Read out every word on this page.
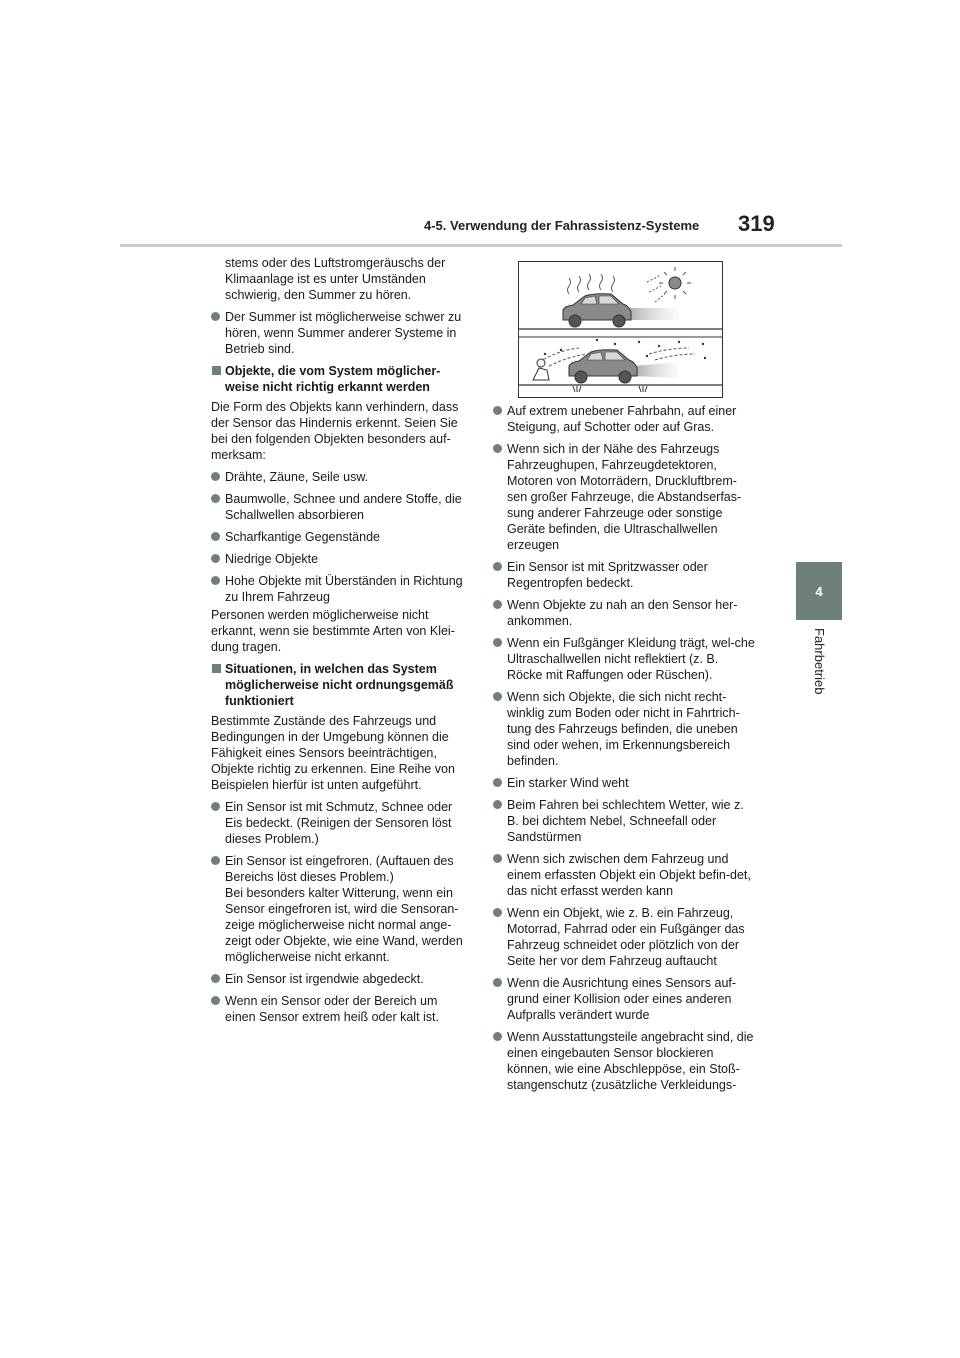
4-5. Verwendung der Fahrassistenz-Systeme 319
4
Fahrbetrieb
stems oder des Luftstromgeräuschs der Klimaanlage ist es unter Umständen schwierig, den Summer zu hören.
Der Summer ist möglicherweise schwer zu hören, wenn Summer anderer Systeme in Betrieb sind.
Objekte, die vom System möglicher-weise nicht richtig erkannt werden
Die Form des Objekts kann verhindern, dass der Sensor das Hindernis erkennt. Seien Sie bei den folgenden Objekten besonders auf-merksam:
Drähte, Zäune, Seile usw.
Baumwolle, Schnee und andere Stoffe, die Schallwellen absorbieren
Scharfkantige Gegenstände
Niedrige Objekte
Hohe Objekte mit Überständen in Richtung zu Ihrem Fahrzeug
Personen werden möglicherweise nicht erkannt, wenn sie bestimmte Arten von Klei-dung tragen.
Situationen, in welchen das System möglicherweise nicht ordnungsgemäß funktioniert
Bestimmte Zustände des Fahrzeugs und Bedingungen in der Umgebung können die Fähigkeit eines Sensors beeinträchtigen, Objekte richtig zu erkennen. Eine Reihe von Beispielen hierfür ist unten aufgeführt.
Ein Sensor ist mit Schmutz, Schnee oder Eis bedeckt. (Reinigen der Sensoren löst dieses Problem.)
Ein Sensor ist eingefroren. (Auftauen des Bereichs löst dieses Problem.)
Bei besonders kalter Witterung, wenn ein Sensor eingefroren ist, wird die Sensoran-zeige möglicherweise nicht normal ange-zeigt oder Objekte, wie eine Wand, werden möglicherweise nicht erkannt.
Ein Sensor ist irgendwie abgedeckt.
Wenn ein Sensor oder der Bereich um einen Sensor extrem heiß oder kalt ist.
Auf extrem unebener Fahrbahn, auf einer Steigung, auf Schotter oder auf Gras.
Wenn sich in der Nähe des Fahrzeugs Fahrzeughupen, Fahrzeugdetektoren, Motoren von Motorrädern, Druckluftbrem-sen großer Fahrzeuge, die Abstandserfas-sung anderer Fahrzeuge oder sonstige Geräte befinden, die Ultraschallwellen erzeugen
Ein Sensor ist mit Spritzwasser oder Regentropfen bedeckt.
Wenn Objekte zu nah an den Sensor her-ankommen.
Wenn ein Fußgänger Kleidung trägt, wel-che Ultraschallwellen nicht reflektiert (z. B. Röcke mit Raffungen oder Rüschen).
Wenn sich Objekte, die sich nicht recht-winklig zum Boden oder nicht in Fahrtrich-tung des Fahrzeugs befinden, die uneben sind oder wehen, im Erkennungsbereich befinden.
Ein starker Wind weht
Beim Fahren bei schlechtem Wetter, wie z. B. bei dichtem Nebel, Schneefall oder Sandstürmen
Wenn sich zwischen dem Fahrzeug und einem erfassten Objekt ein Objekt befin-det, das nicht erfasst werden kann
Wenn ein Objekt, wie z. B. ein Fahrzeug, Motorrad, Fahrrad oder ein Fußgänger das Fahrzeug schneidet oder plötzlich von der Seite her vor dem Fahrzeug auftaucht
Wenn die Ausrichtung eines Sensors auf-grund einer Kollision oder eines anderen Aufpralls verändert wurde
Wenn Ausstattungsteile angebracht sind, die einen eingebauten Sensor blockieren können, wie eine Abschleppöse, ein Stoß-stangenschutz (zusätzliche Verkleidungs-
